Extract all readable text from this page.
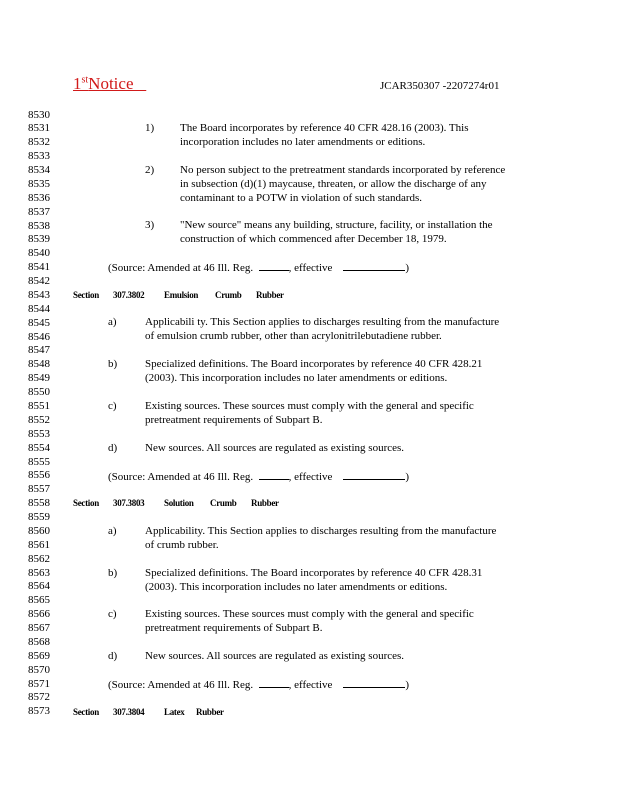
1stNotice	JCAR350307 -2207274r01
8530
8531
8532
8533
8534
8535
8536
8537
8538
8539
8540
8541
8542
8543
8544
8545
8546
8547
8548
8549
8550
8551
8552
8553
8554
8555
8556
8557
8558
8559
8560
8561
8562
8563
8564
8565
8566
8567
8568
8569
8570
8571
8572
8573
1) The Board incorporates by reference 40 CFR 428.16 (2003). This
incorporation includes no later amendments or editions.
2) No person subject to the pretreatment standards incorporated by reference
in subsection (d)(1) maycause, threaten, or allow the discharge of any
contaminant to a POTW in violation of such standards.
3) "New source" means any building, structure, facility, or installation the
construction of which commenced after December 18, 1979.
(Source: Amended at 46 Ill. Reg.	, effective	)
Section 307.3802 Emulsion Crumb Rubber
a)	Applicabili ty. This Section applies to discharges resulting from the manufacture
of emulsion crumb rubber, other than acrylonitrilebutadiene rubber.
b)	Specialized definitions. The Board incorporates by reference 40 CFR 428.21
(2003). This incorporation includes no later amendments or editions.
c)	Existing sources. These sources must comply with the general and specific
pretreatment requirements of Subpart B.
d)	New sources. All sources are regulated as existing sources.
(Source: Amended at 46 Ill. Reg.	, effective	)
Section 307.3803 Solution Crumb Rubber
a)	Applicability. This Section applies to discharges resulting from the manufacture
of crumb rubber.
b)	Specialized definitions. The Board incorporates by reference 40 CFR 428.31
(2003). This incorporation includes no later amendments or editions.
c)	Existing sources. These sources must comply with the general and specific
pretreatment requirements of Subpart B.
d)	New sources. All sources are regulated as existing sources.
(Source: Amended at 46 Ill. Reg.	, effective	)
Section 307.3804 Latex Rubber
